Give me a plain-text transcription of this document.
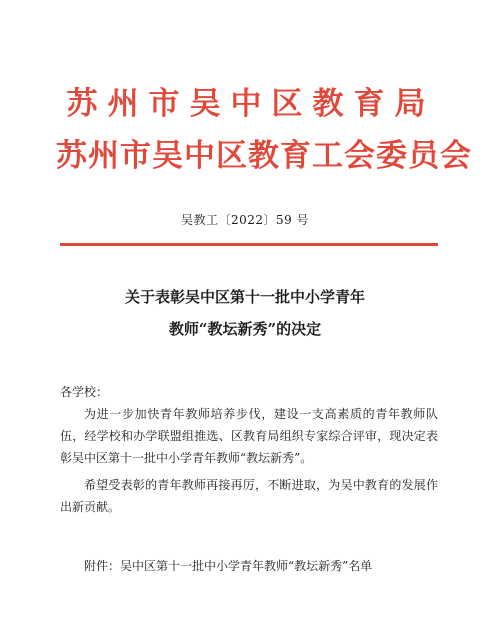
苏州市吴中区教育局
苏州市吴中区教育工会委员会
吴教工〔2022〕59 号
关于表彰吴中区第十一批中小学青年
教师“教坛新秀”的决定
各学校：

为进一步加快青年教师培养步伐，建设一支高素质的青年教师队伍，经学校和办学联盟组推选、区教育局组织专家综合评审，现决定表彰吴中区第十一批中小学青年教师“教坛新秀”。

希望受表彰的青年教师再接再厉，不断进取，为吴中教育的发展作出新贡献。

附件：吴中区第十一批中小学青年教师“教坛新秀”名单
